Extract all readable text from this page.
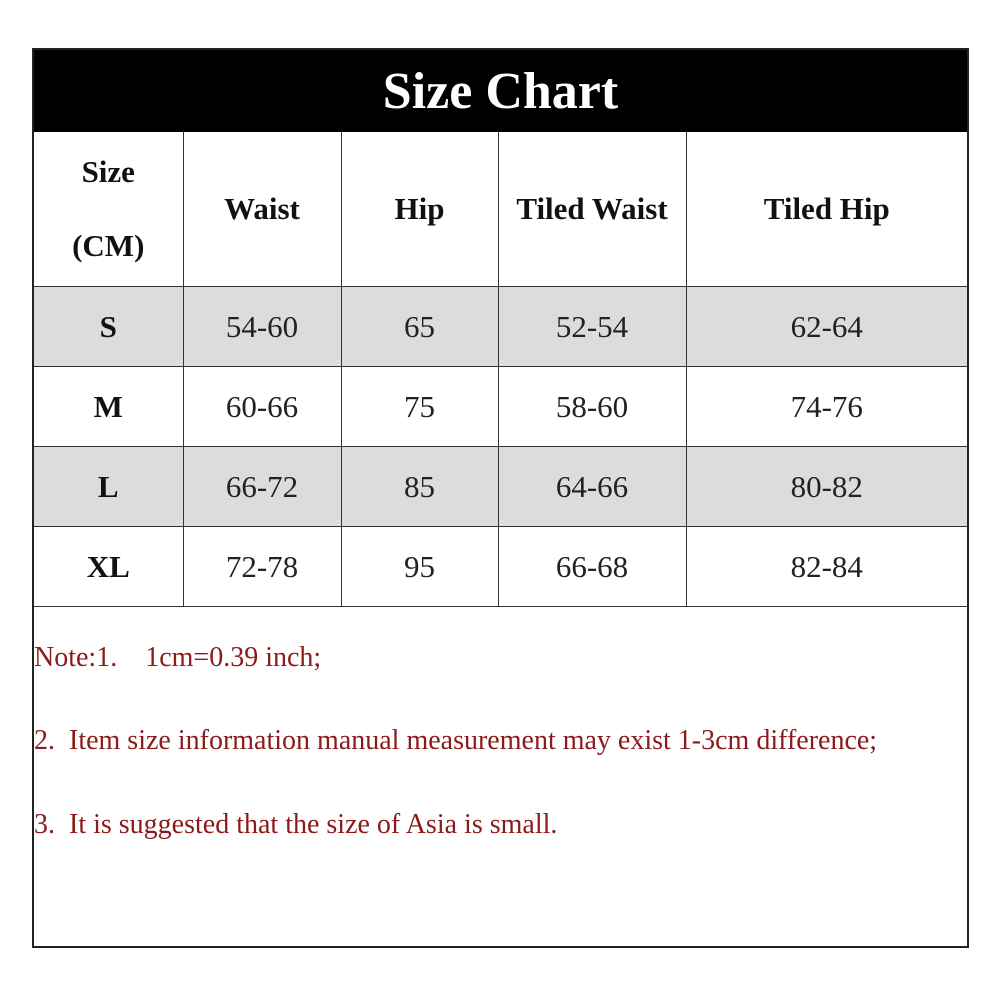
Size Chart
Size
(CM)	Waist	Hip	Tiled Waist	Tiled Hip
S	54-60	65	52-54	62-64
M	60-66	75	58-60	74-76
L	66-72	85	64-66	80-82
XL	72-78	95	66-68	82-84
Note:1.    1cm=0.39 inch;
2.  Item size information manual measurement may exist 1-3cm difference;
3.  It is suggested that the size of Asia is small.
